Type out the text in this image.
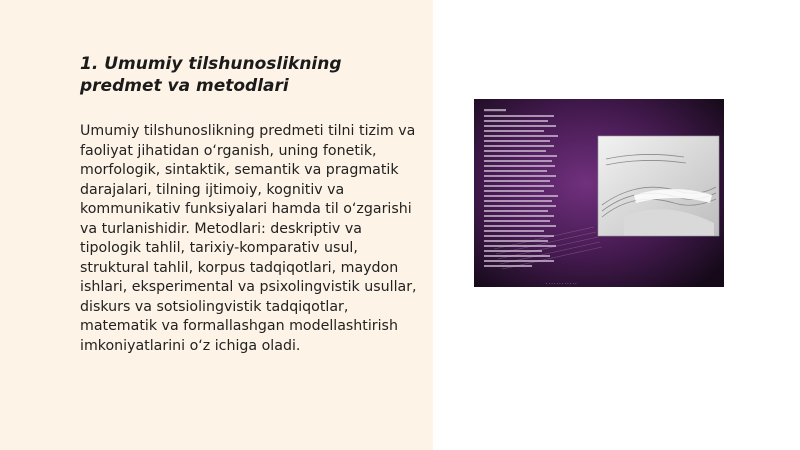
1. Umumiy tilshunoslikning predmet va metodlari

Umumiy tilshunoslikning predmeti tilni tizim va faoliyat jihatidan o‘rganish, uning fonetik, morfologik, sintaktik, semantik va pragmatik darajalari, tilning ijtimoiy, kognitiv va kommunikativ funksiyalari hamda til o‘zgarishi va turlanishidir. Metodlari: deskriptiv va tipologik tahlil, tarixiy-komparativ usul, struktural tahlil, korpus tadqiqotlari, maydon ishlari, eksperimental va psixolingvistik usullar, diskurs va sotsiolingvistik tadqiqotlar, matematik va formallashgan modellashtirish imkoniyatlarini o‘z ichiga oladi.

· · · · · · · · · · · ·
